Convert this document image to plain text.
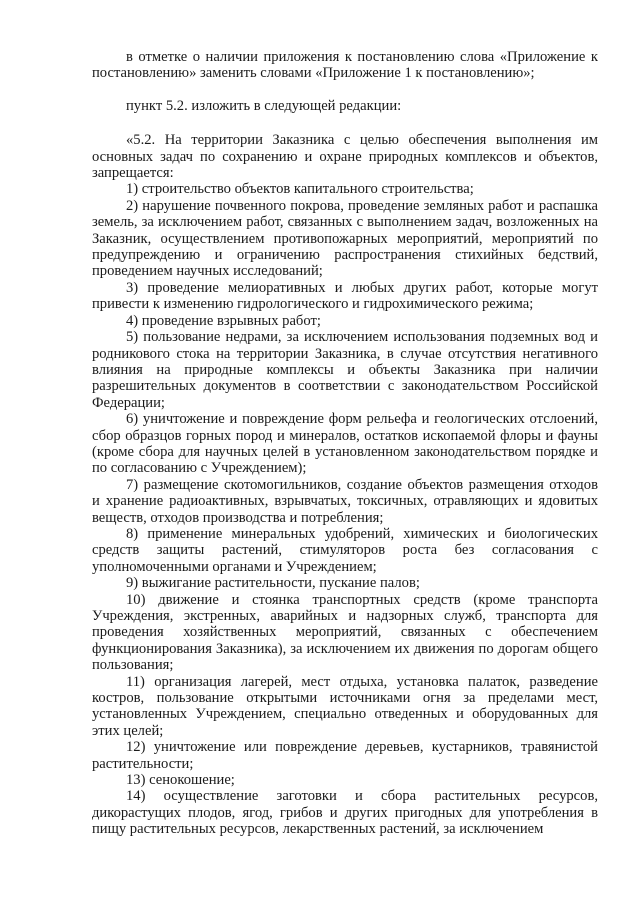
в отметке о наличии приложения к постановлению слова «Приложение к постановлению» заменить словами «Приложение 1 к постановлению»;

пункт 5.2. изложить в следующей редакции:

«5.2. На территории Заказника с целью обеспечения выполнения им основных задач по сохранению и охране природных комплексов и объектов, запрещается:

1) строительство объектов капитального строительства;

2) нарушение почвенного покрова, проведение земляных работ и распашка земель, за исключением работ, связанных с выполнением задач, возложенных на Заказник, осуществлением противопожарных мероприятий, мероприятий по предупреждению и ограничению распространения стихийных бедствий, проведением научных исследований;

3) проведение мелиоративных и любых других работ, которые могут привести к изменению гидрологического и гидрохимического режима;

4) проведение взрывных работ;

5) пользование недрами, за исключением использования подземных вод и родникового стока на территории Заказника, в случае отсутствия негативного влияния на природные комплексы и объекты Заказника при наличии разрешительных документов в соответствии с законодательством Российской Федерации;

6) уничтожение и повреждение форм рельефа и геологических отслоений, сбор образцов горных пород и минералов, остатков ископаемой флоры и фауны (кроме сбора для научных целей в установленном законодательством порядке и по согласованию с Учреждением);

7) размещение скотомогильников, создание объектов размещения отходов и хранение радиоактивных, взрывчатых, токсичных, отравляющих и ядовитых веществ, отходов производства и потребления;

8) применение минеральных удобрений, химических и биологических средств защиты растений, стимуляторов роста без согласования с уполномоченными органами и Учреждением;

9) выжигание растительности, пускание палов;

10) движение и стоянка транспортных средств (кроме транспорта Учреждения, экстренных, аварийных и надзорных служб, транспорта для проведения хозяйственных мероприятий, связанных с обеспечением функционирования Заказника), за исключением их движения по дорогам общего пользования;

11) организация лагерей, мест отдыха, установка палаток, разведение костров, пользование открытыми источниками огня за пределами мест, установленных Учреждением, специально отведенных и оборудованных для этих целей;

12) уничтожение или повреждение деревьев, кустарников, травянистой растительности;

13) сенокошение;

14) осуществление заготовки и сбора растительных ресурсов, дикорастущих плодов, ягод, грибов и других пригодных для употребления в пищу растительных ресурсов, лекарственных растений, за исключением
